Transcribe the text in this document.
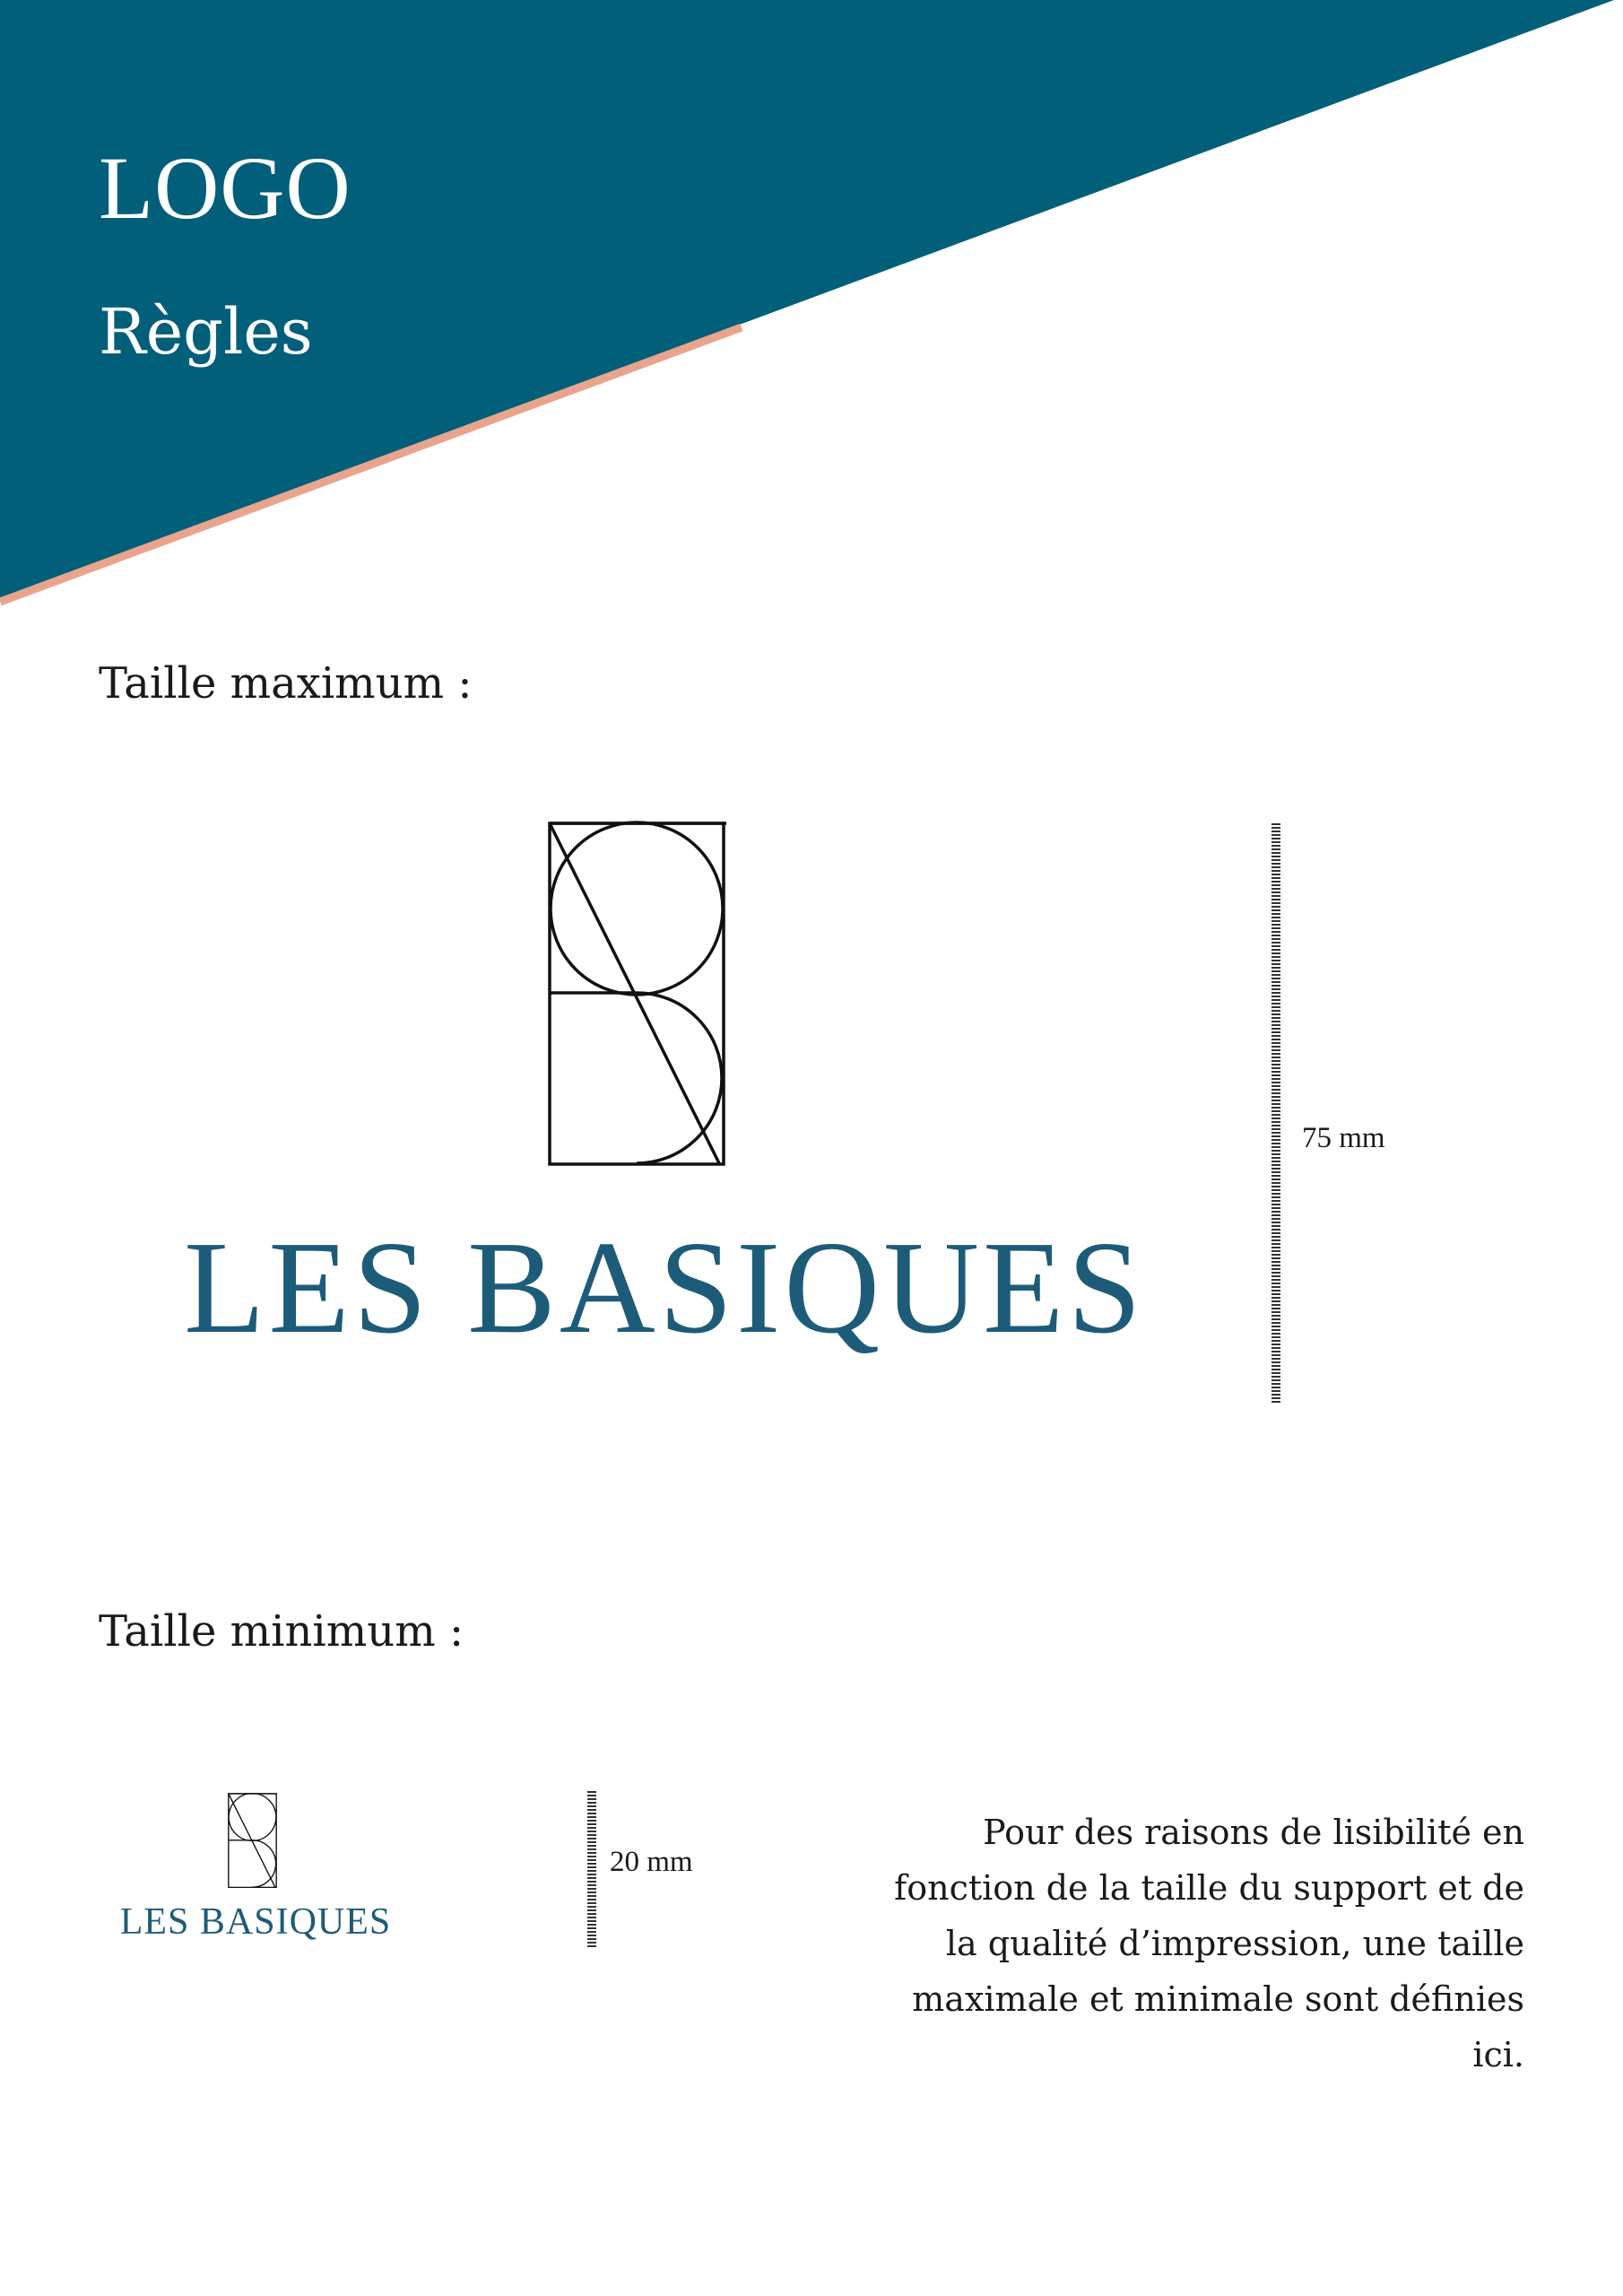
LOGO
Règles
Taille maximum :
LES BASIQUES
75 mm
Taille minimum :
LES BASIQUES
20 mm
Pour des raisons de lisibilité en fonction de la taille du support et de la qualité d’impression, une taille maximale et minimale sont définies ici.
